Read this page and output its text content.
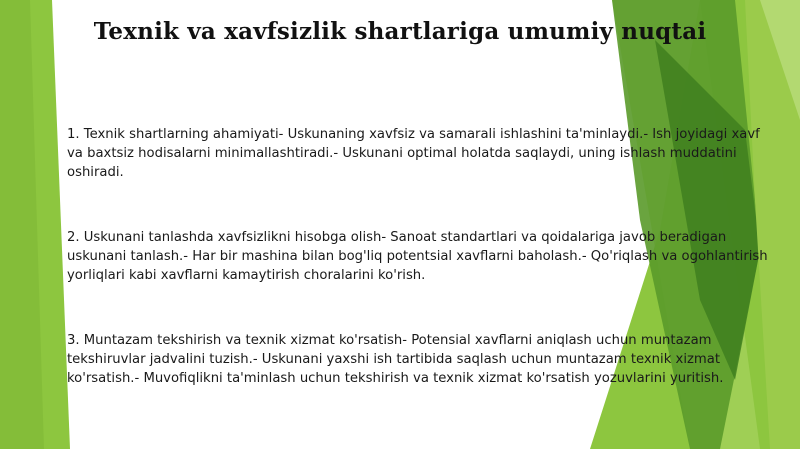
Texnik va xavfsizlik shartlariga umumiy nuqtai

1. Texnik shartlarning ahamiyati- Uskunaning xavfsiz va samarali ishlashini ta'minlaydi.- Ish joyidagi xavf va baxtsiz hodisalarni minimallashtiradi.- Uskunani optimal holatda saqlaydi, uning ishlash muddatini oshiradi.

2. Uskunani tanlashda xavfsizlikni hisobga olish- Sanoat standartlari va qoidalariga javob beradigan uskunani tanlash.- Har bir mashina bilan bog'liq potentsial xavflarni baholash.- Qo'riqlash va ogohlantirish yorliqlari kabi xavflarni kamaytirish choralarini ko'rish.

3. Muntazam tekshirish va texnik xizmat ko'rsatish- Potensial xavflarni aniqlash uchun muntazam tekshiruvlar jadvalini tuzish.- Uskunani yaxshi ish tartibida saqlash uchun muntazam texnik xizmat ko'rsatish.- Muvofiqlikni ta'minlash uchun tekshirish va texnik xizmat ko'rsatish yozuvlarini yuritish.
